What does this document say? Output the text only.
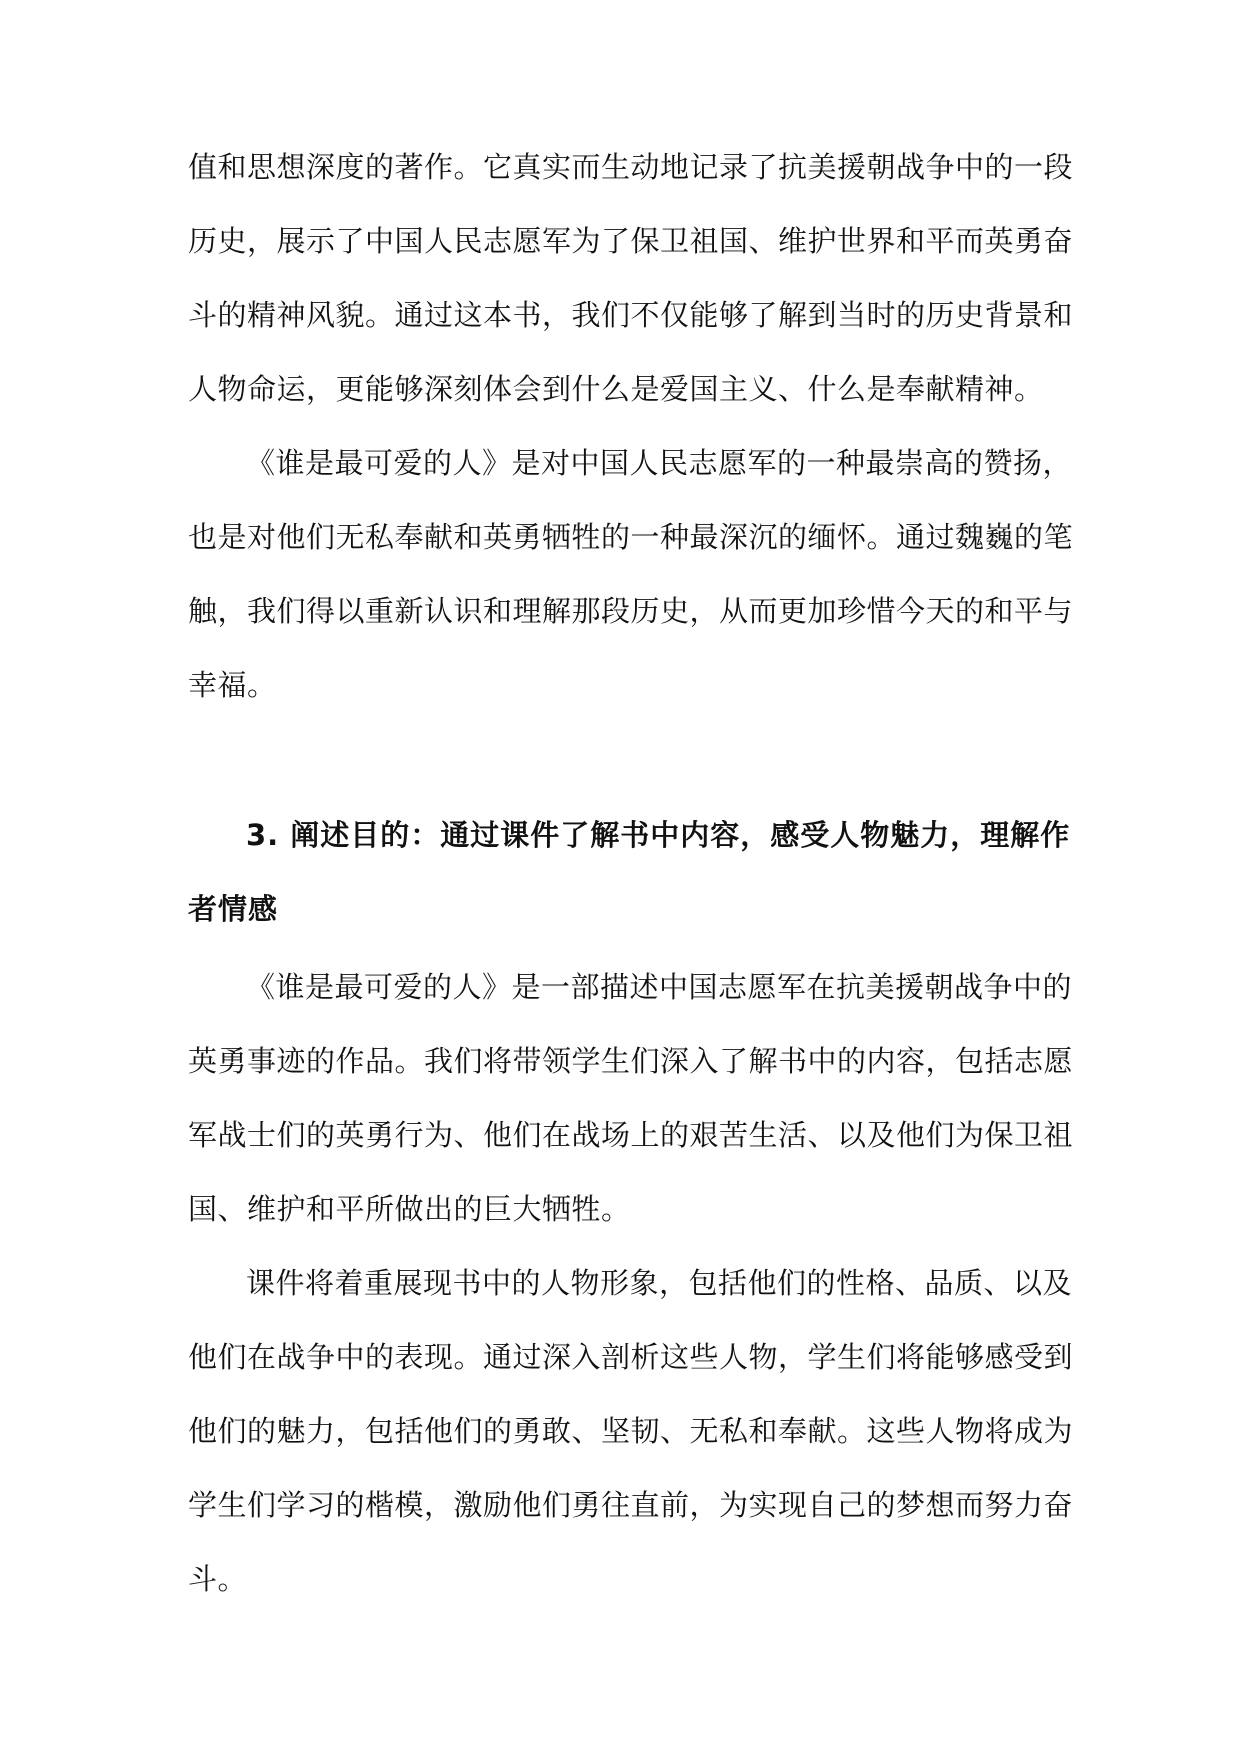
值和思想深度的著作。它真实而生动地记录了抗美援朝战争中的一段
历史，展示了中国人民志愿军为了保卫祖国、维护世界和平而英勇奋
斗的精神风貌。通过这本书，我们不仅能够了解到当时的历史背景和
人物命运，更能够深刻体会到什么是爱国主义、什么是奉献精神。
《谁是最可爱的人》是对中国人民志愿军的一种最崇高的赞扬，
也是对他们无私奉献和英勇牺牲的一种最深沉的缅怀。通过魏巍的笔
触，我们得以重新认识和理解那段历史，从而更加珍惜今天的和平与
幸福。
3. 阐述目的：通过课件了解书中内容，感受人物魅力，理解作
者情感
《谁是最可爱的人》是一部描述中国志愿军在抗美援朝战争中的
英勇事迹的作品。我们将带领学生们深入了解书中的内容，包括志愿
军战士们的英勇行为、他们在战场上的艰苦生活、以及他们为保卫祖
国、维护和平所做出的巨大牺牲。
课件将着重展现书中的人物形象，包括他们的性格、品质、以及
他们在战争中的表现。通过深入剖析这些人物，学生们将能够感受到
他们的魅力，包括他们的勇敢、坚韧、无私和奉献。这些人物将成为
学生们学习的楷模，激励他们勇往直前，为实现自己的梦想而努力奋
斗。
